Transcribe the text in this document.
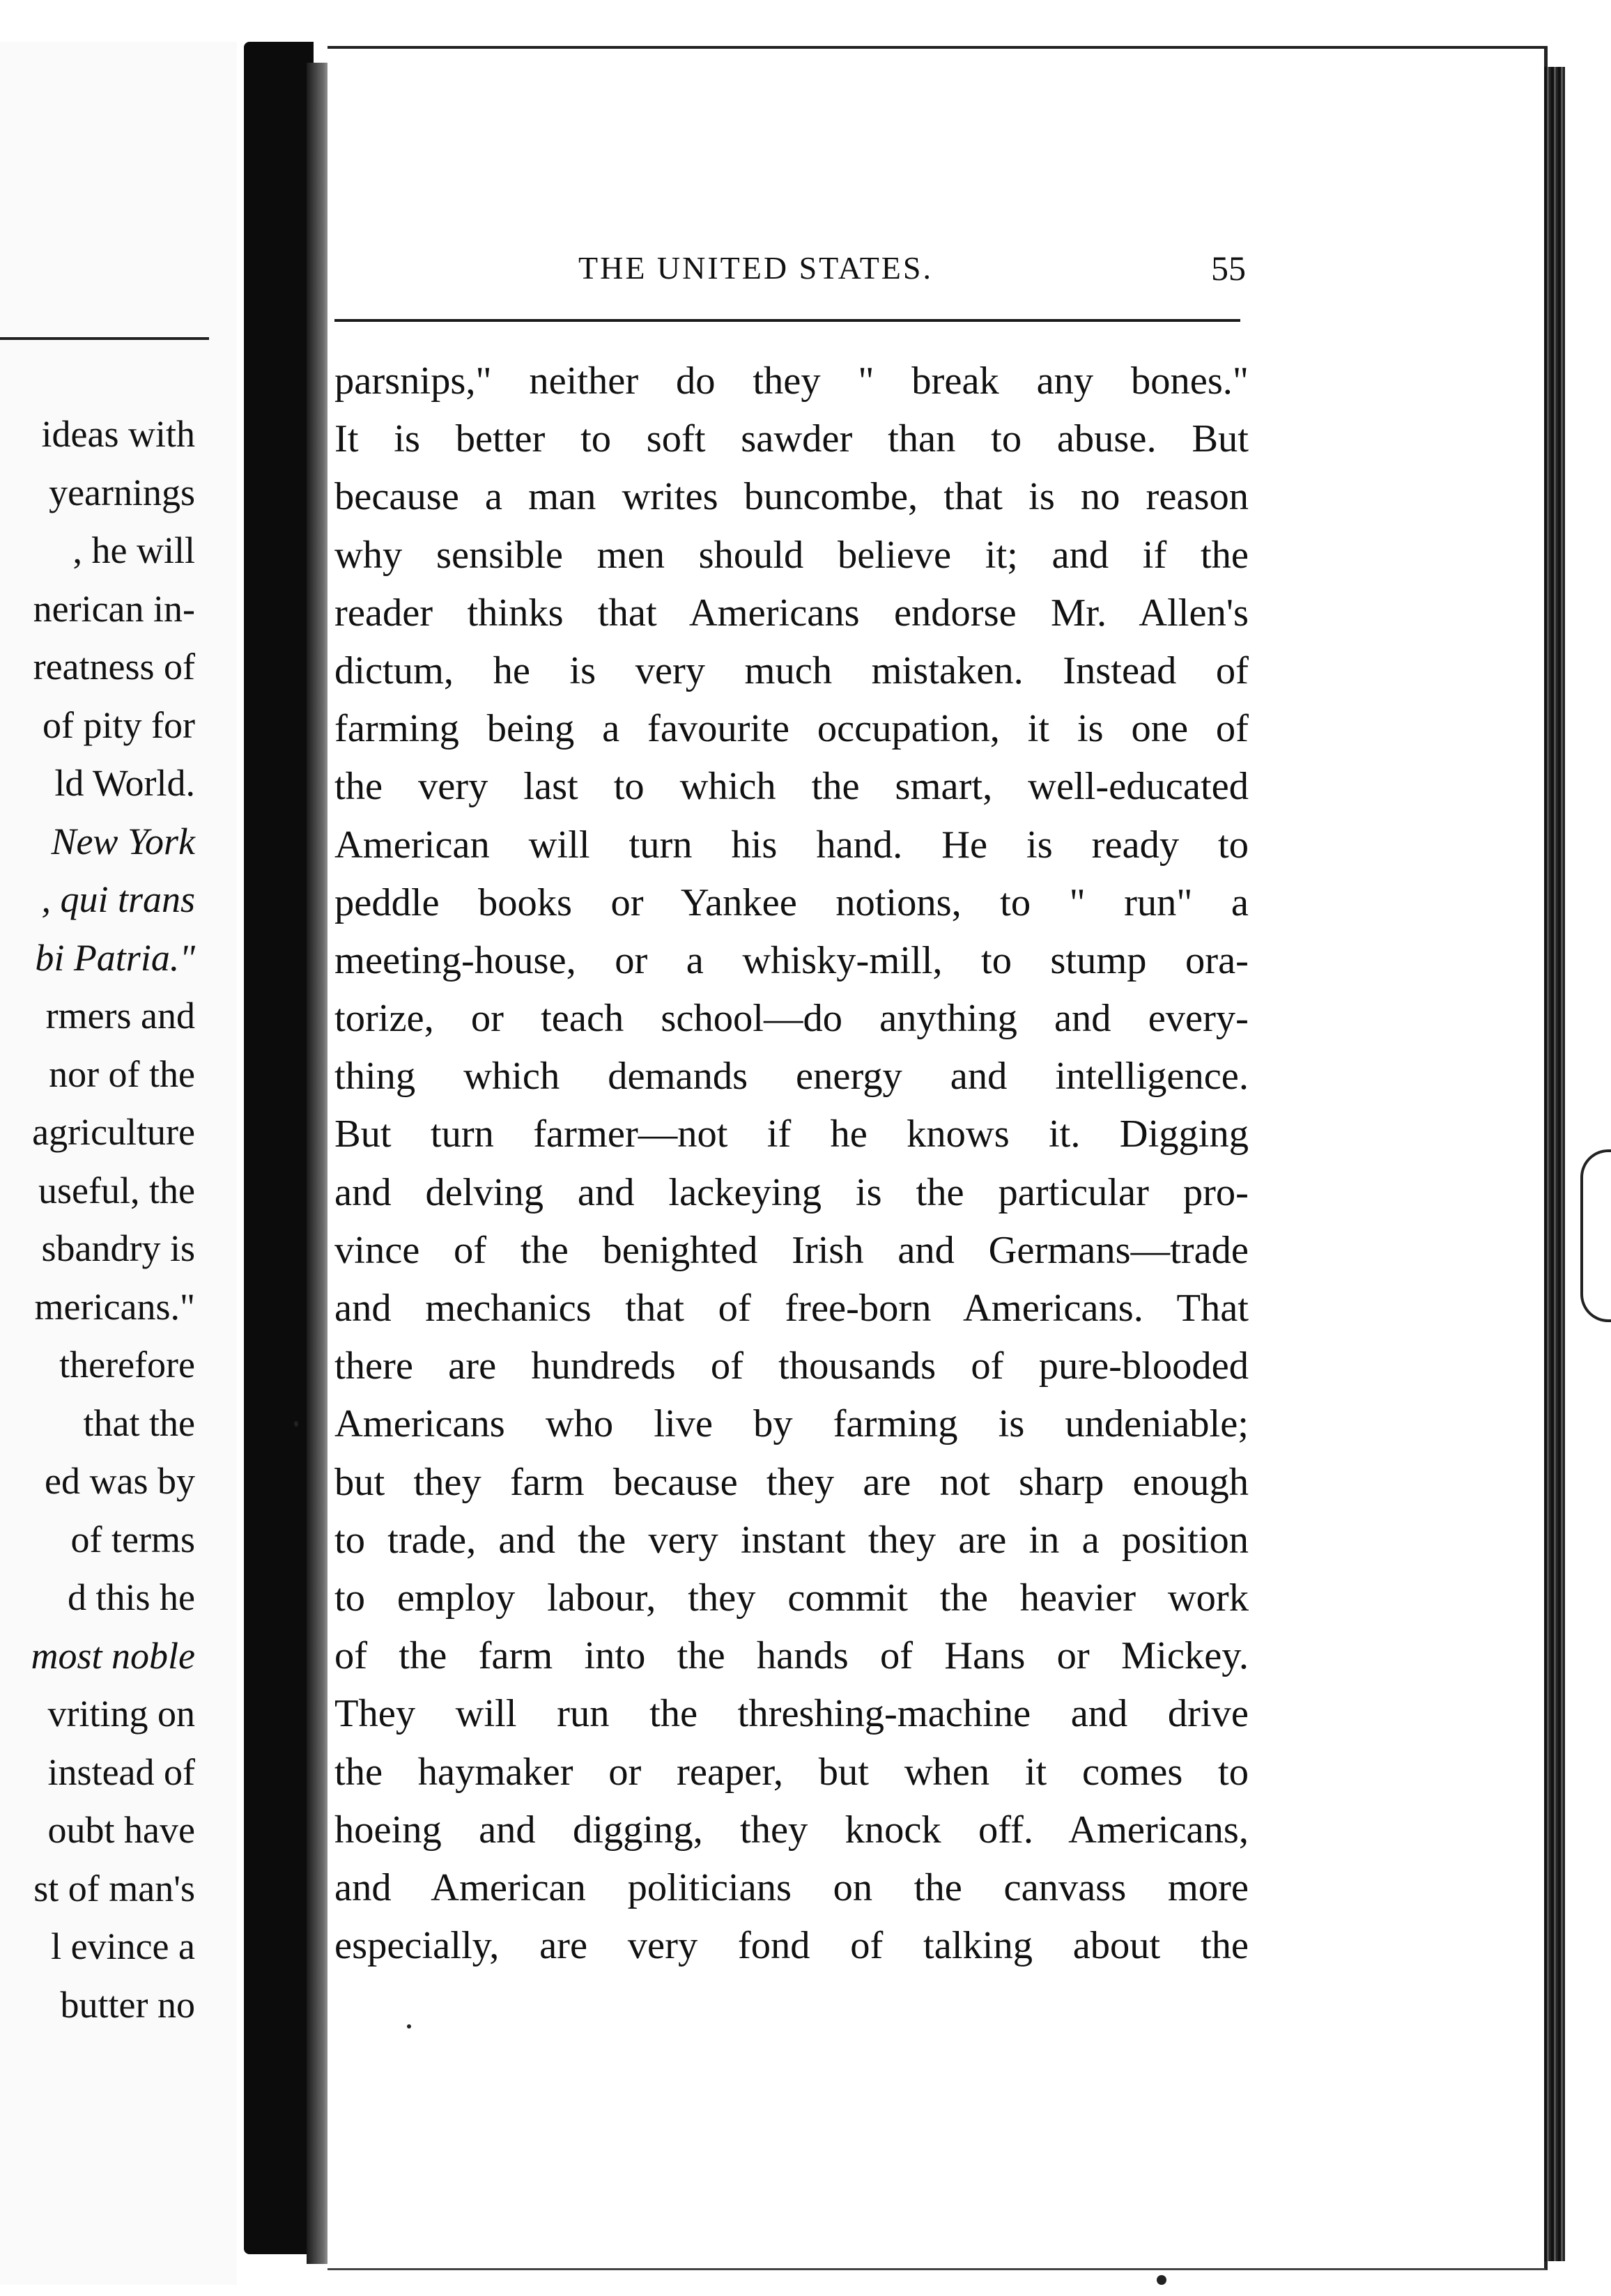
ideas with
yearnings
, he will
nerican in-
reatness of
of pity for
ld World.
New York
, qui trans
bi Patria."
rmers and
nor of the
agriculture
useful, the
sbandry is
mericans."
therefore
that the
ed was by
of terms
d this he
most noble
vriting on
instead of
oubt have
st of man's
l evince a
butter no
THE UNITED STATES.	55
parsnips," neither do they " break any bones."
It is better to soft sawder than to abuse. But
because a man writes buncombe, that is no reason
why sensible men should believe it; and if the
reader thinks that Americans endorse Mr. Allen's
dictum, he is very much mistaken. Instead of
farming being a favourite occupation, it is one of
the very last to which the smart, well-educated
American will turn his hand. He is ready to
peddle books or Yankee notions, to " run" a
meeting-house, or a whisky-mill, to stump ora-
torize, or teach school—do anything and every-
thing which demands energy and intelligence.
But turn farmer—not if he knows it. Digging
and delving and lackeying is the particular pro-
vince of the benighted Irish and Germans—trade
and mechanics that of free-born Americans. That
there are hundreds of thousands of pure-blooded
Americans who live by farming is undeniable;
but they farm because they are not sharp enough
to trade, and the very instant they are in a position
to employ labour, they commit the heavier work
of the farm into the hands of Hans or Mickey.
They will run the threshing-machine and drive
the haymaker or reaper, but when it comes to
hoeing and digging, they knock off. Americans,
and American politicians on the canvass more
especially, are very fond of talking about the
